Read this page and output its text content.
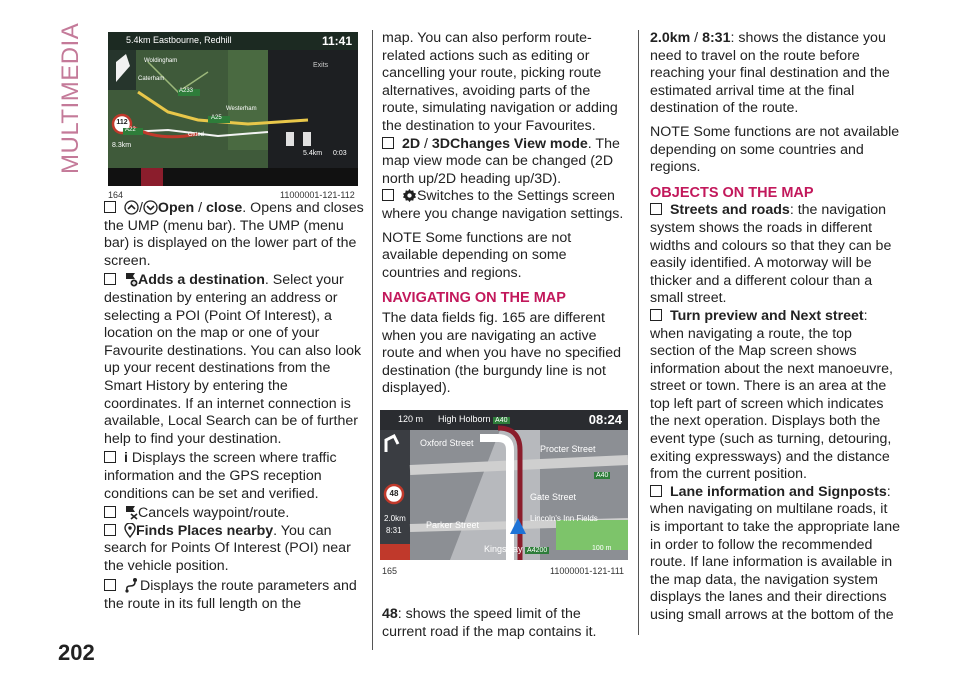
MULTIMEDIA
202
5.4km Eastbourne, Redhill	11:41
Exits
112
A233
A25
A22
Caterham
Oxted
Westerham
Woldingham
8.3km
5.4km 0:03
164	11000001-121-112
120 m High Holborn A40	08:24
48
2.0km
8:31
Oxford Street
Procter Street
Gate Street
Parker Street
Lincoln's Inn Fields
Kingsway A4200
A40
100 m
165	11000001-121-111

/ Open / close. Opens and closes the UMP (menu bar). The UMP (menu bar) is displayed on the lower part of the screen.

Adds a destination. Select your destination by entering an address or selecting a POI (Point Of Interest), a location on the map or one of your Favourite destinations. You can also look up your recent destinations from the Smart History by entering the coordinates. If an internet connection is available, Local Search can be of further help to find your destination.

i Displays the screen where traffic information and the GPS reception conditions can be set and verified.

Cancels waypoint/route.

Finds Places nearby. You can search for Points Of Interest (POI) near the vehicle position.

Displays the route parameters and the route in its full length on the

map. You can also perform route-related actions such as editing or cancelling your route, picking route alternatives, avoiding parts of the route, simulating navigation or adding the destination to your Favourites.

2D / 3DChanges View mode. The map view mode can be changed (2D north up/2D heading up/3D).

Switches to the Settings screen where you change navigation settings.

NOTE Some functions are not available depending on some countries and regions.

NAVIGATING ON THE MAP

The data fields fig. 165 are different when you are navigating an active route and when you have no specified destination (the burgundy line is not displayed).

48: shows the speed limit of the current road if the map contains it.

2.0km / 8:31: shows the distance you need to travel on the route before reaching your final destination and the estimated arrival time at the final destination of the route.

NOTE Some functions are not available depending on some countries and regions.

OBJECTS ON THE MAP

Streets and roads: the navigation system shows the roads in different widths and colours so that they can be easily identified. A motorway will be thicker and a different colour than a small street.

Turn preview and Next street: when navigating a route, the top section of the Map screen shows information about the next manoeuvre, street or town. There is an area at the top left part of screen which indicates the next operation. Displays both the event type (such as turning, detouring, exiting expressways) and the distance from the current position.

Lane information and Signposts: when navigating on multilane roads, it is important to take the appropriate lane in order to follow the recommended route. If lane information is available in the map data, the navigation system displays the lanes and their directions using small arrows at the bottom of the
